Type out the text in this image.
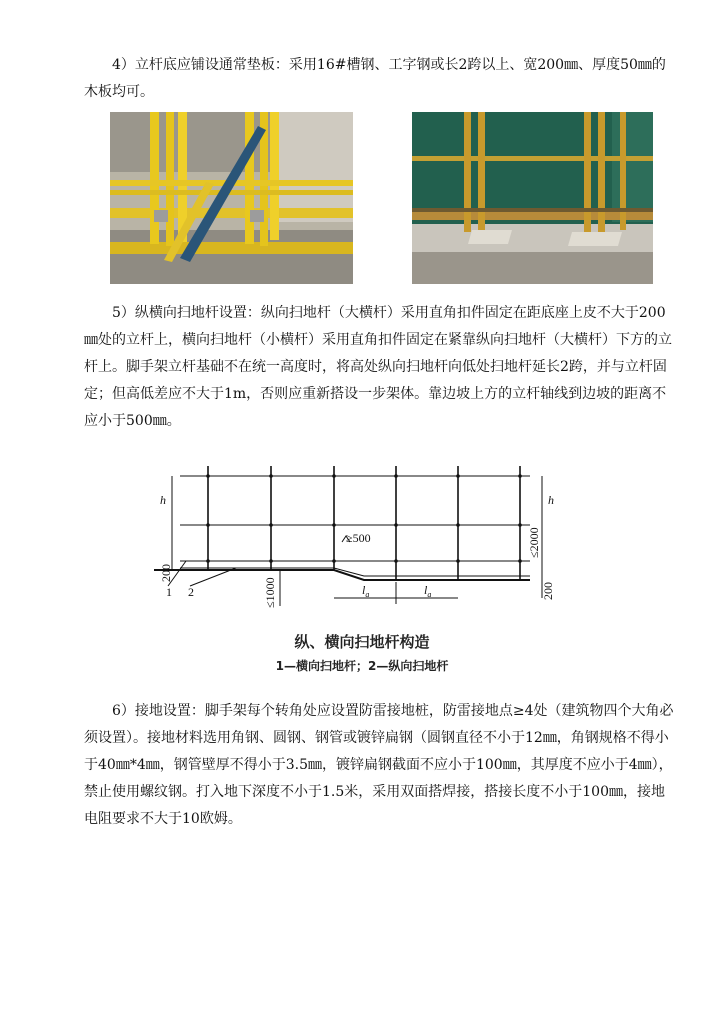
4）立杆底应铺设通常垫板：采用16#槽钢、工字钢或长2跨以上、宽200㎜、厚度50㎜的木板均可。

5）纵横向扫地杆设置：纵向扫地杆（大横杆）采用直角扣件固定在距底座上皮不大于200㎜处的立杆上，横向扫地杆（小横杆）采用直角扣件固定在紧靠纵向扫地杆（大横杆）下方的立杆上。脚手架立杆基础不在统一高度时，将高处纵向扫地杆向低处扫地杆延长2跨，并与立杆固定；但高低差应不大于1m，否则应重新搭设一步架体。靠边坡上方的立杆轴线到边坡的距离不应小于500㎜。

h	h
≥500	≤2000
200
200
≤1000	$l_a$	$l_a$
1 2
纵、横向扫地杆构造
1—横向扫地杆；2—纵向扫地杆

6）接地设置：脚手架每个转角处应设置防雷接地桩，防雷接地点≥4处（建筑物四个大角必须设置）。接地材料选用角钢、圆钢、钢管或镀锌扁钢（圆钢直径不小于12㎜，角钢规格不得小于40㎜*4㎜，钢管壁厚不得小于3.5㎜，镀锌扁钢截面不应小于100㎜，其厚度不应小于4㎜），禁止使用螺纹钢。打入地下深度不小于1.5米，采用双面搭焊接，搭接长度不小于100㎜，接地电阻要求不大于10欧姆。
